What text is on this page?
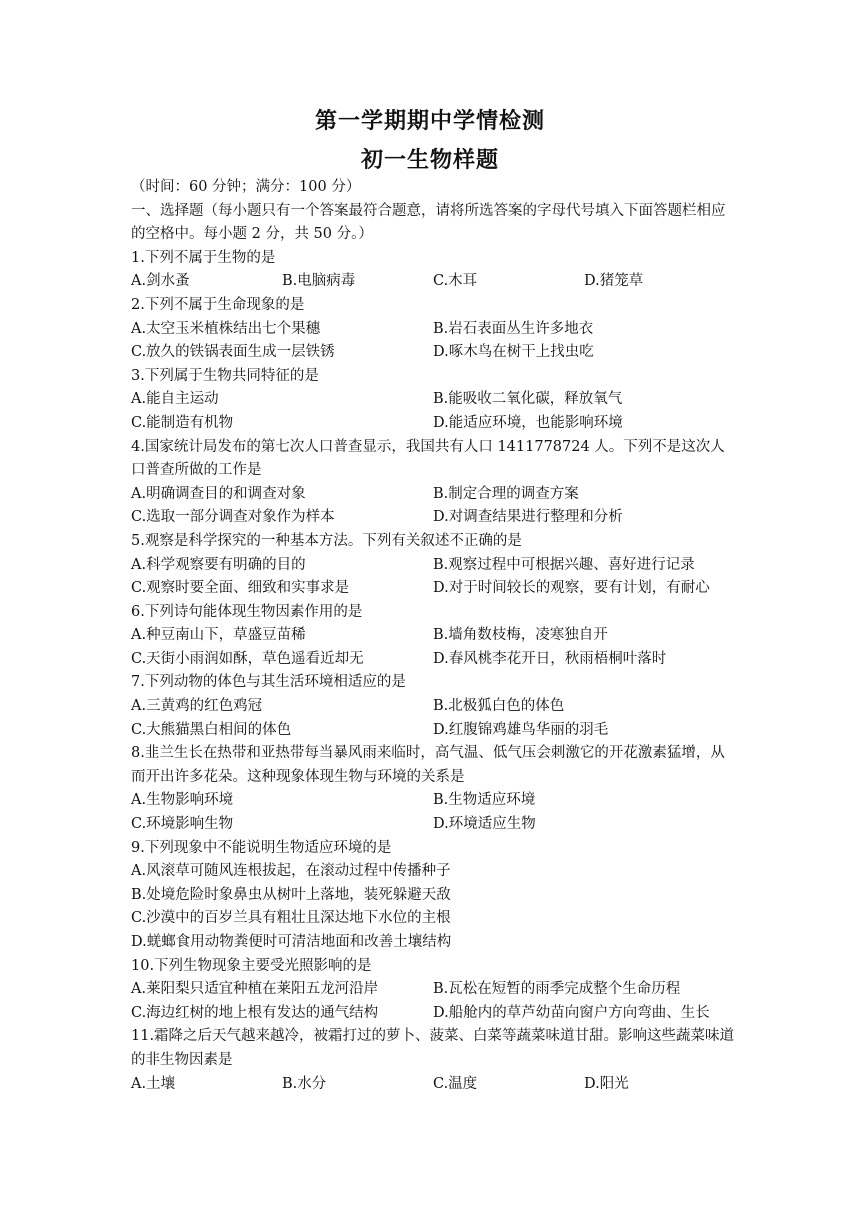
第一学期期中学情检测
初一生物样题
（时间：60 分钟；满分：100 分）
一、选择题（每小题只有一个答案最符合题意，请将所选答案的字母代号填入下面答题栏相应的空格中。每小题 2 分，共 50 分。）
1.下列不属于生物的是
A.剑水蚤	B.电脑病毒	C.木耳	D.猪笼草
2.下列不属于生命现象的是
A.太空玉米植株结出七个果穗	B.岩石表面丛生许多地衣
C.放久的铁锅表面生成一层铁锈	D.啄木鸟在树干上找虫吃
3.下列属于生物共同特征的是
A.能自主运动	B.能吸收二氧化碳，释放氧气
C.能制造有机物	D.能适应环境，也能影响环境
4.国家统计局发布的第七次人口普查显示，我国共有人口 1411778724 人。下列不是这次人口普查所做的工作是
A.明确调查目的和调查对象	B.制定合理的调查方案
C.选取一部分调查对象作为样本	D.对调查结果进行整理和分析
5.观察是科学探究的一种基本方法。下列有关叙述不正确的是
A.科学观察要有明确的目的	B.观察过程中可根据兴趣、喜好进行记录
C.观察时要全面、细致和实事求是	D.对于时间较长的观察，要有计划，有耐心
6.下列诗句能体现生物因素作用的是
A.种豆南山下，草盛豆苗稀	B.墙角数枝梅，凌寒独自开
C.天街小雨润如酥，草色遥看近却无	D.春风桃李花开日，秋雨梧桐叶落时
7.下列动物的体色与其生活环境相适应的是
A.三黄鸡的红色鸡冠	B.北极狐白色的体色
C.大熊猫黑白相间的体色	D.红腹锦鸡雄鸟华丽的羽毛
8.韭兰生长在热带和亚热带每当暴风雨来临时，高气温、低气压会刺激它的开花激素猛增，从而开出许多花朵。这种现象体现生物与环境的关系是
A.生物影响环境	B.生物适应环境
C.环境影响生物	D.环境适应生物
9.下列现象中不能说明生物适应环境的是
A.风滚草可随风连根拔起，在滚动过程中传播种子
B.处境危险时象鼻虫从树叶上落地，装死躲避天敌
C.沙漠中的百岁兰具有粗壮且深达地下水位的主根
D.蜣螂食用动物粪便时可清洁地面和改善土壤结构
10.下列生物现象主要受光照影响的是
A.莱阳梨只适宜种植在莱阳五龙河沿岸	B.瓦松在短暂的雨季完成整个生命历程
C.海边红树的地上根有发达的通气结构	D.船舱内的草芦幼苗向窗户方向弯曲、生长
11.霜降之后天气越来越冷，被霜打过的萝卜、菠菜、白菜等蔬菜味道甘甜。影响这些蔬菜味道的非生物因素是
A.土壤	B.水分	C.温度	D.阳光
